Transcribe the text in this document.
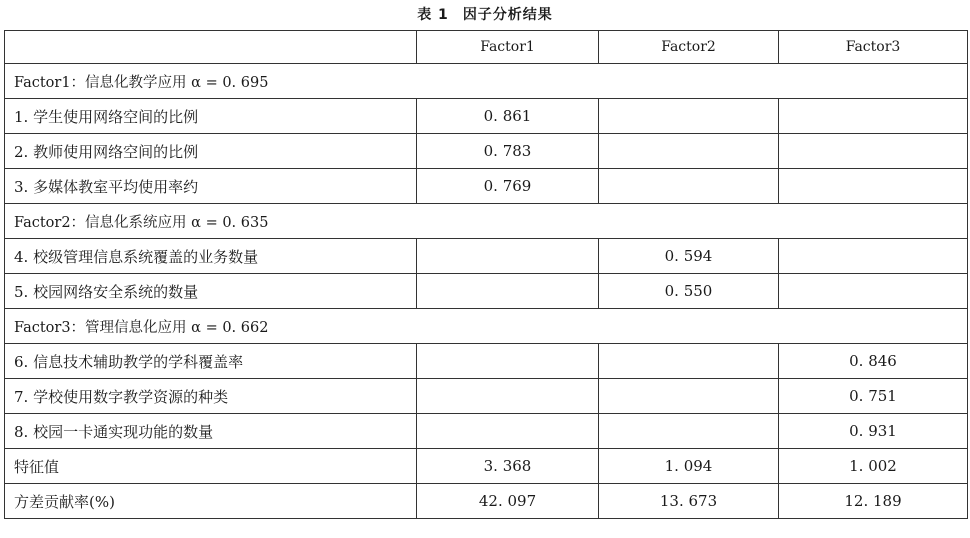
表 1 因子分析结果
	Factor1	Factor2	Factor3
Factor1：信息化教学应用 α = 0. 695			
1. 学生使用网络空间的比例	0. 861		
2. 教师使用网络空间的比例	0. 783		
3. 多媒体教室平均使用率约	0. 769		
Factor2：信息化系统应用 α = 0. 635			
4. 校级管理信息系统覆盖的业务数量		0. 594	
5. 校园网络安全系统的数量		0. 550	
Factor3：管理信息化应用 α = 0. 662			
6. 信息技术辅助教学的学科覆盖率			0. 846
7. 学校使用数字教学资源的种类			0. 751
8. 校园一卡通实现功能的数量			0. 931
特征值	3. 368	1. 094	1. 002
方差贡献率(%)	42. 097	13. 673	12. 189
